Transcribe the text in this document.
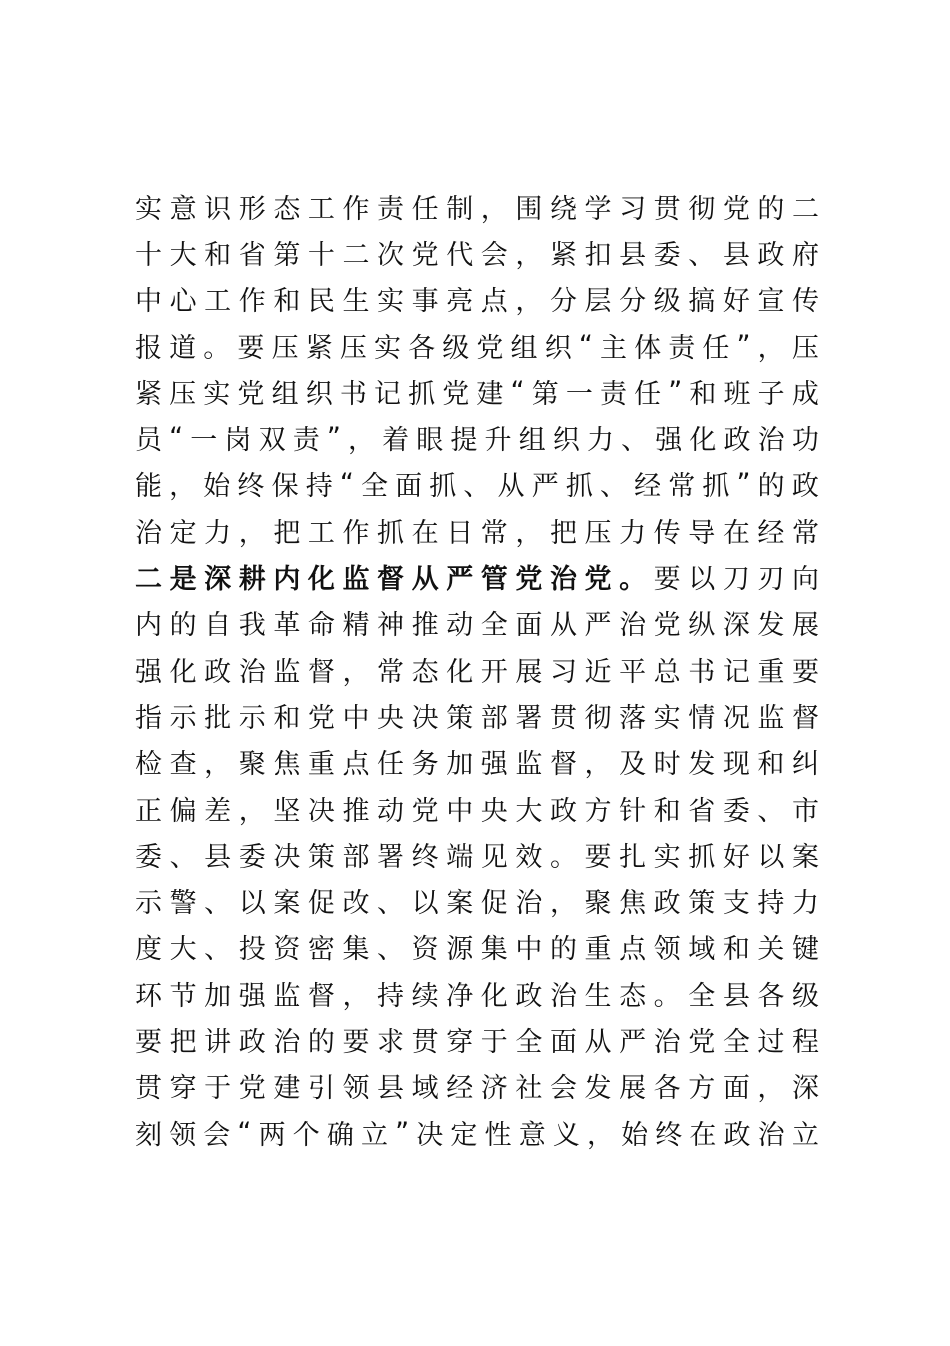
实 意 识 形 态 工 作 责 任 制 ， 围 绕 学 习 贯 彻 党 的 二
十 大 和 省 第 十 二 次 党 代 会 ， 紧 扣 县 委 、 县 政 府
中 心 工 作 和 民 生 实 事 亮 点 ， 分 层 分 级 搞 好 宣 传
报 道 。 要 压 紧 压 实 各 级 党 组 织 “ 主 体 责 任 ” ， 压
紧 压 实 党 组 织 书 记 抓 党 建 “ 第 一 责 任 ” 和 班 子 成
员 “ 一 岗 双 责 ” ， 着 眼 提 升 组 织 力 、 强 化 政 治 功
能 ， 始 终 保 持 “ 全 面 抓 、 从 严 抓 、 经 常 抓 ” 的 政
治 定 力 ， 把 工 作 抓 在 日 常 ， 把 压 力 传 导 在 经 常
二 是 深 耕 内 化 监 督 从 严 管 党 治 党 。 要 以 刀 刃 向
内 的 自 我 革 命 精 神 推 动 全 面 从 严 治 党 纵 深 发 展
强 化 政 治 监 督 ， 常 态 化 开 展 习 近 平 总 书 记 重 要
指 示 批 示 和 党 中 央 决 策 部 署 贯 彻 落 实 情 况 监 督
检 查 ， 聚 焦 重 点 任 务 加 强 监 督 ， 及 时 发 现 和 纠
正 偏 差 ， 坚 决 推 动 党 中 央 大 政 方 针 和 省 委 、 市
委 、 县 委 决 策 部 署 终 端 见 效 。 要 扎 实 抓 好 以 案
示 警 、 以 案 促 改 、 以 案 促 治 ， 聚 焦 政 策 支 持 力
度 大 、 投 资 密 集 、 资 源 集 中 的 重 点 领 域 和 关 键
环 节 加 强 监 督 ， 持 续 净 化 政 治 生 态 。 全 县 各 级
要 把 讲 政 治 的 要 求 贯 穿 于 全 面 从 严 治 党 全 过 程
贯 穿 于 党 建 引 领 县 域 经 济 社 会 发 展 各 方 面 ， 深
刻 领 会 “ 两 个 确 立 ” 决 定 性 意 义 ， 始 终 在 政 治 立
